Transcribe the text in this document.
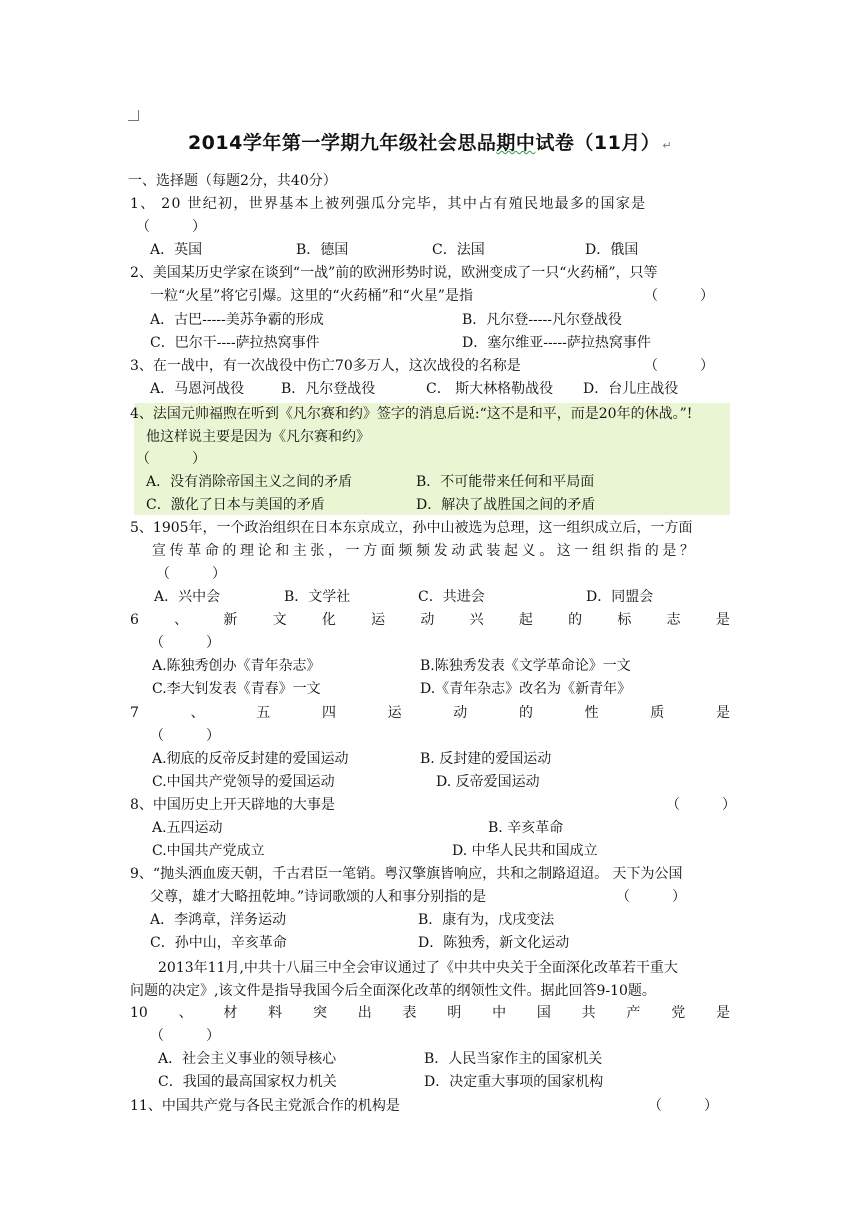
2014学年第一学期九年级社会思品期中试卷（11月） ↵
一、选择题（每题2分，共40分）
1、 20 世纪初，世界基本上被列强瓜分完毕，其中占有殖民地最多的国家是
（　　　）
A．英国	B．德国	C．法国	D．俄国
2、美国某历史学家在谈到“一战”前的欧洲形势时说，欧洲变成了一只“火药桶”，只等
一粒“火星”将它引爆。这里的“火药桶”和“火星”是指	（　　　）
A．古巴-----美苏争霸的形成	B．凡尔登-----凡尔登战役
C．巴尔干----萨拉热窝事件	D．塞尔维亚-----萨拉热窝事件
3、在一战中，有一次战役中伤亡70多万人，这次战役的名称是	（　　　）
A．马恩河战役	B．凡尔登战役	C． 斯大林格勒战役 D．台儿庄战役
4、法国元帅福煦在听到《凡尔赛和约》签字的消息后说:“这不是和平，而是20年的休战。”!
他这样说主要是因为《凡尔赛和约》
（　　　）
A．没有消除帝国主义之间的矛盾	B．不可能带来任何和平局面
C．激化了日本与美国的矛盾	D．解决了战胜国之间的矛盾
5、1905年，一个政治组织在日本东京成立，孙中山被选为总理，这一组织成立后，一方面
宣传革命的理论和主张，一方面频频发动武装起义。这一组织指的是？
（　　　）
A．兴中会	B．文学社	C．共进会	D．同盟会
6	、	新	文	化	运	动	兴	起	的	标	志	是
（　　　）
A.陈独秀创办《青年杂志》	B.陈独秀发表《文学革命论》一文
C.李大钊发表《青春》一文	D.《青年杂志》改名为《新青年》
7	、	五	四	运	动	的	性	质	是
（　　　）
A.彻底的反帝反封建的爱国运动	B. 反封建的爱国运动
C.中国共产党领导的爱国运动	D. 反帝爱国运动
8、中国历史上开天辟地的大事是	（　　　）
A.五四运动	B. 辛亥革命
C.中国共产党成立	D. 中华人民共和国成立
9、“抛头洒血废天朝，千古君臣一笔销。粤汉擎旗皆响应，共和之制路迢迢。 天下为公国
父尊，雄才大略扭乾坤。”诗词歌颂的人和事分别指的是	（　　　）
A．李鸿章，洋务运动	B．康有为，戊戌变法
C．孙中山，辛亥革命	D．陈独秀，新文化运动
2013年11月,中共十八届三中全会审议通过了《中共中央关于全面深化改革若干重大
问题的决定》,该文件是指导我国今后全面深化改革的纲领性文件。据此回答9-10题。
10 、 材 料 突 出 表 明 中 国 共 产 党 是
（　　　）
A．社会主义事业的领导核心	B．人民当家作主的国家机关
C．我国的最高国家权力机关	D．决定重大事项的国家机构
11、中国共产党与各民主党派合作的机构是	（　　　）
